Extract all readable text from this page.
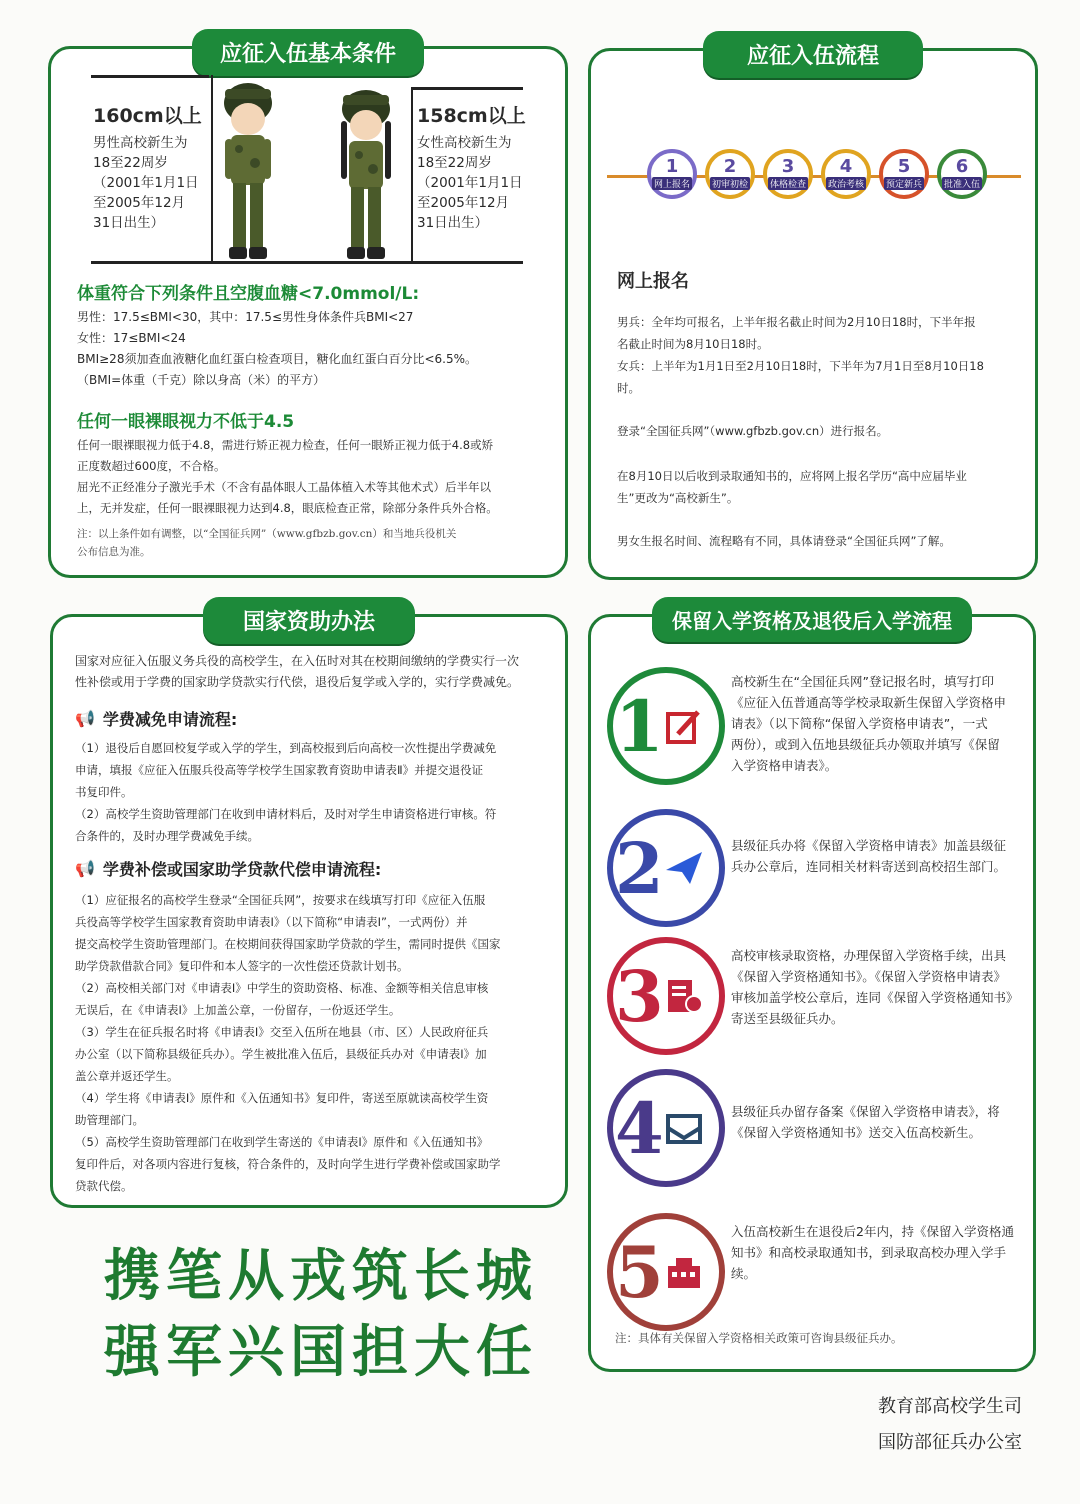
应征入伍基本条件
160cm以上
男性高校新生为
18至22周岁
（2001年1月1日
至2005年12月
31日出生）
158cm以上
女性高校新生为
18至22周岁
（2001年1月1日
至2005年12月
31日出生）
体重符合下列条件且空腹血糖<7.0mmol/L:
男性：17.5≤BMI<30，其中：17.5≤男性身体条件兵BMI<27
女性：17≤BMI<24
BMI≥28须加查血液糖化血红蛋白检查项目，糖化血红蛋白百分比<6.5%。
（BMI=体重（千克）除以身高（米）的平方）
任何一眼裸眼视力不低于4.5
任何一眼裸眼视力低于4.8，需进行矫正视力检查，任何一眼矫正视力低于4.8或矫
正度数超过600度，不合格。
屈光不正经准分子激光手术（不含有晶体眼人工晶体植入术等其他术式）后半年以
上，无并发症，任何一眼裸眼视力达到4.8，眼底检查正常，除部分条件兵外合格。
注：以上条件如有调整，以“全国征兵网”（www.gfbzb.gov.cn）和当地兵役机关
公布信息为准。
应征入伍流程
1
网上报名
2
初审初检
3
体格检查
4
政治考核
5
预定新兵
6
批准入伍
网上报名
男兵：全年均可报名，上半年报名截止时间为2月10日18时，下半年报
名截止时间为8月10日18时。
女兵：上半年为1月1日至2月10日18时，下半年为7月1日至8月10日18
时。
登录“全国征兵网”（www.gfbzb.gov.cn）进行报名。
在8月10日以后收到录取通知书的，应将网上报名学历“高中应届毕业
生”更改为“高校新生”。
男女生报名时间、流程略有不同，具体请登录“全国征兵网”了解。
国家资助办法
国家对应征入伍服义务兵役的高校学生，在入伍时对其在校期间缴纳的学费实行一次
性补偿或用于学费的国家助学贷款实行代偿，退役后复学或入学的，实行学费减免。
📢 学费减免申请流程:
（1）退役后自愿回校复学或入学的学生，到高校报到后向高校一次性提出学费减免
申请，填报《应征入伍服兵役高等学校学生国家教育资助申请表Ⅱ》并提交退役证
书复印件。
（2）高校学生资助管理部门在收到申请材料后，及时对学生申请资格进行审核。符
合条件的，及时办理学费减免手续。
📢 学费补偿或国家助学贷款代偿申请流程:
（1）应征报名的高校学生登录“全国征兵网”，按要求在线填写打印《应征入伍服
兵役高等学校学生国家教育资助申请表Ⅰ》（以下简称“申请表Ⅰ”，一式两份）并
提交高校学生资助管理部门。在校期间获得国家助学贷款的学生，需同时提供《国家
助学贷款借款合同》复印件和本人签字的一次性偿还贷款计划书。
（2）高校相关部门对《申请表Ⅰ》中学生的资助资格、标准、金额等相关信息审核
无误后，在《申请表Ⅰ》上加盖公章，一份留存，一份返还学生。
（3）学生在征兵报名时将《申请表Ⅰ》交至入伍所在地县（市、区）人民政府征兵
办公室（以下简称县级征兵办）。学生被批准入伍后，县级征兵办对《申请表Ⅰ》加
盖公章并返还学生。
（4）学生将《申请表Ⅰ》原件和《入伍通知书》复印件，寄送至原就读高校学生资
助管理部门。
（5）高校学生资助管理部门在收到学生寄送的《申请表Ⅰ》原件和《入伍通知书》
复印件后，对各项内容进行复核，符合条件的，及时向学生进行学费补偿或国家助学
贷款代偿。
保留入学资格及退役后入学流程
1
高校新生在“全国征兵网”登记报名时，填写打印
《应征入伍普通高等学校录取新生保留入学资格申
请表》（以下简称“保留入学资格申请表”，一式
两份），或到入伍地县级征兵办领取并填写《保留
入学资格申请表》。
2	县级征兵办将《保留入学资格申请表》加盖县级征
兵办公章后，连同相关材料寄送到高校招生部门。
3	高校审核录取资格，办理保留入学资格手续，出具
《保留入学资格通知书》。《保留入学资格申请表》
审核加盖学校公章后，连同《保留入学资格通知书》
寄送至县级征兵办。
4	县级征兵办留存备案《保留入学资格申请表》，将
《保留入学资格通知书》送交入伍高校新生。
5	入伍高校新生在退役后2年内，持《保留入学资格通
知书》和高校录取通知书，到录取高校办理入学手
续。
注：具体有关保留入学资格相关政策可咨询县级征兵办。
携笔从戎筑长城
强军兴国担大任
教育部高校学生司
国防部征兵办公室
